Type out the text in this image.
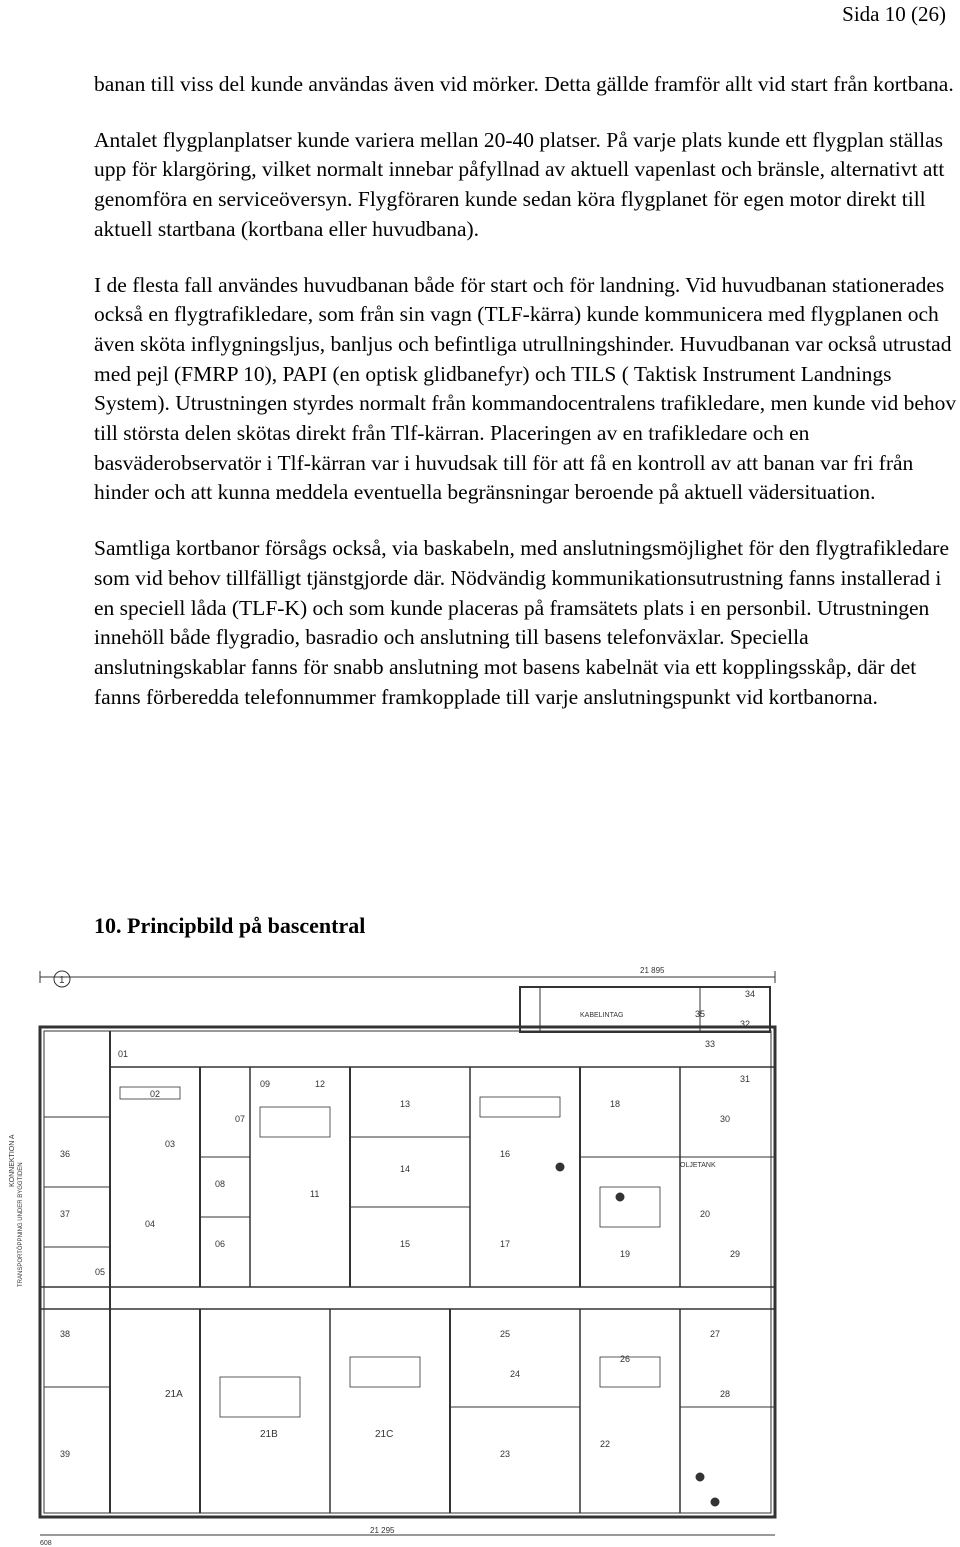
Sida 10 (26)

banan till viss del kunde användas även vid mörker. Detta gällde framför allt vid start från kortbana.

Antalet flygplanplatser kunde variera mellan 20-40 platser. På varje plats kunde ett flygplan ställas upp för klargöring, vilket normalt innebar påfyllnad av aktuell vapenlast och bränsle, alternativt att genomföra en serviceöversyn. Flygföraren kunde sedan köra flygplanet för egen motor direkt till aktuell startbana (kortbana eller huvudbana).

I de flesta fall användes huvudbanan både för start och för landning. Vid huvudbanan stationerades också en flygtrafikledare, som från sin vagn (TLF-kärra) kunde kommunicera med flygplanen och även sköta inflygningsljus, banljus och befintliga utrullningshinder. Huvudbanan var också utrustad med pejl (FMRP 10), PAPI (en optisk glidbanefyr) och TILS ( Taktisk Instrument Landnings System). Utrustningen styrdes normalt från kommandocentralens trafikledare, men kunde vid behov till största delen skötas direkt från Tlf-kärran. Placeringen av en trafikledare och en basväderobservatör i Tlf-kärran var i huvudsak till för att få en kontroll av att banan var fri från hinder och att kunna meddela eventuella begränsningar beroende på aktuell vädersituation.

Samtliga kortbanor försågs också, via baskabeln, med anslutningsmöjlighet för den flygtrafikledare som vid behov tillfälligt tjänstgjorde där. Nödvändig kommunikationsutrustning fanns installerad i en speciell låda (TLF-K) och som kunde placeras på framsätets plats i en personbil. Utrustningen innehöll både flygradio, basradio och anslutning till basens telefonväxlar. Speciella anslutningskablar fanns för snabb anslutning mot basens kabelnät via ett kopplingsskåp, där det fanns förberedda telefonnummer framkopplade till varje anslutningspunkt vid kortbanorna.

10. Principbild på bascentral
21 895
21 295
608
KONNEKTION A
TRANSPORTÖPPNING UNDER BYGGTIDEN
KABELINTAG
OLJETANK
1
01
02
03
04
05
06
07
08
09
11
12
13
14
15
16
17
18
19
20
21A
21B	21C
22
23
24
25
26
27
28
29
30
31
32
33
34
35
36
37
38
39
